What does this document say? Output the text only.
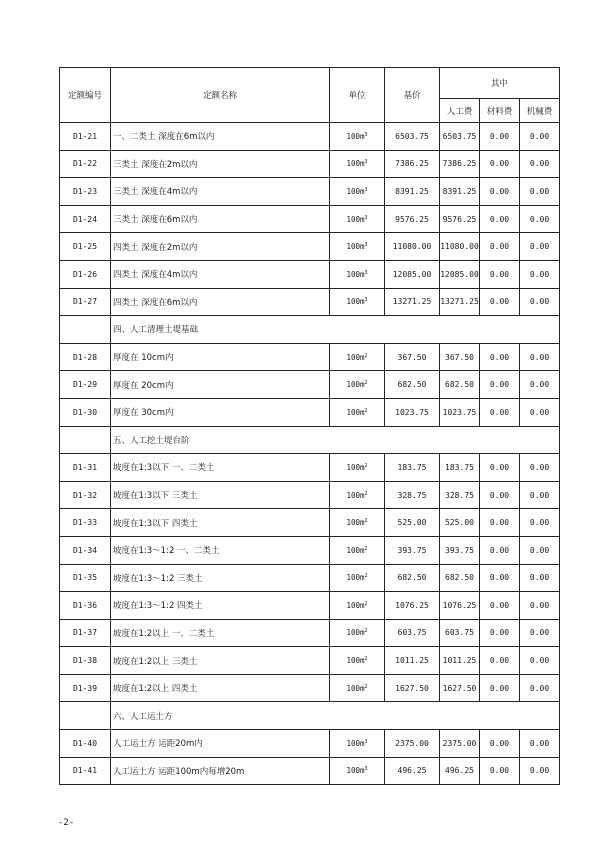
定额编号	定额名称	单位	基价	其中		
				人工费	材料费	机械费
D1-21	一、二类土 深度在6m以内	$100m^3$	6503.75	6503.75	0.00	0.00
D1-22	三类土 深度在2m以内	$100m^3$	7386.25	7386.25	0.00	0.00
D1-23	三类土 深度在4m以内	$100m^3$	8391.25	8391.25	0.00	0.00
D1-24	三类土 深度在6m以内	$100m^3$	9576.25	9576.25	0.00	0.00
D1-25	四类土 深度在2m以内	$100m^3$	11080.00	11080.00	0.00	0.00
D1-26	四类土 深度在4m以内	$100m^3$	12085.00	12085.00	0.00	0.00
D1-27	四类土 深度在6m以内	$100m^3$	13271.25	13271.25	0.00	0.00
	四、人工清理土堤基础					
D1-28	厚度在 10cm内	$100m^2$	367.50	367.50	0.00	0.00
D1-29	厚度在 20cm内	$100m^2$	682.50	682.50	0.00	0.00
D1-30	厚度在 30cm内	$100m^2$	1023.75	1023.75	0.00	0.00
	五、人工挖土堤台阶					
D1-31	坡度在1:3以下 一、二类土	$100m^2$	183.75	183.75	0.00	0.00
D1-32	坡度在1:3以下 三类土	$100m^2$	328.75	328.75	0.00	0.00
D1-33	坡度在1:3以下 四类土	$100m^2$	525.00	525.00	0.00	0.00
D1-34	坡度在1:3～1:2 一、二类土	$100m^2$	393.75	393.75	0.00	0.00
D1-35	坡度在1:3～1:2 三类土	$100m^2$	682.50	682.50	0.00	0.00
D1-36	坡度在1:3～1:2 四类土	$100m^2$	1076.25	1076.25	0.00	0.00
D1-37	坡度在1:2以上 一、二类土	$100m^2$	603.75	603.75	0.00	0.00
D1-38	坡度在1:2以上 三类土	$100m^2$	1011.25	1011.25	0.00	0.00
D1-39	坡度在1:2以上 四类土	$100m^2$	1627.50	1627.50	0.00	0.00
	六、人工运土方					
D1-40	人工运土方 运距20m内	$100m^3$	2375.00	2375.00	0.00	0.00
D1-41	人工运土方 运距100m内每增20m	$100m^3$	496.25	496.25	0.00	0.00
-2-
